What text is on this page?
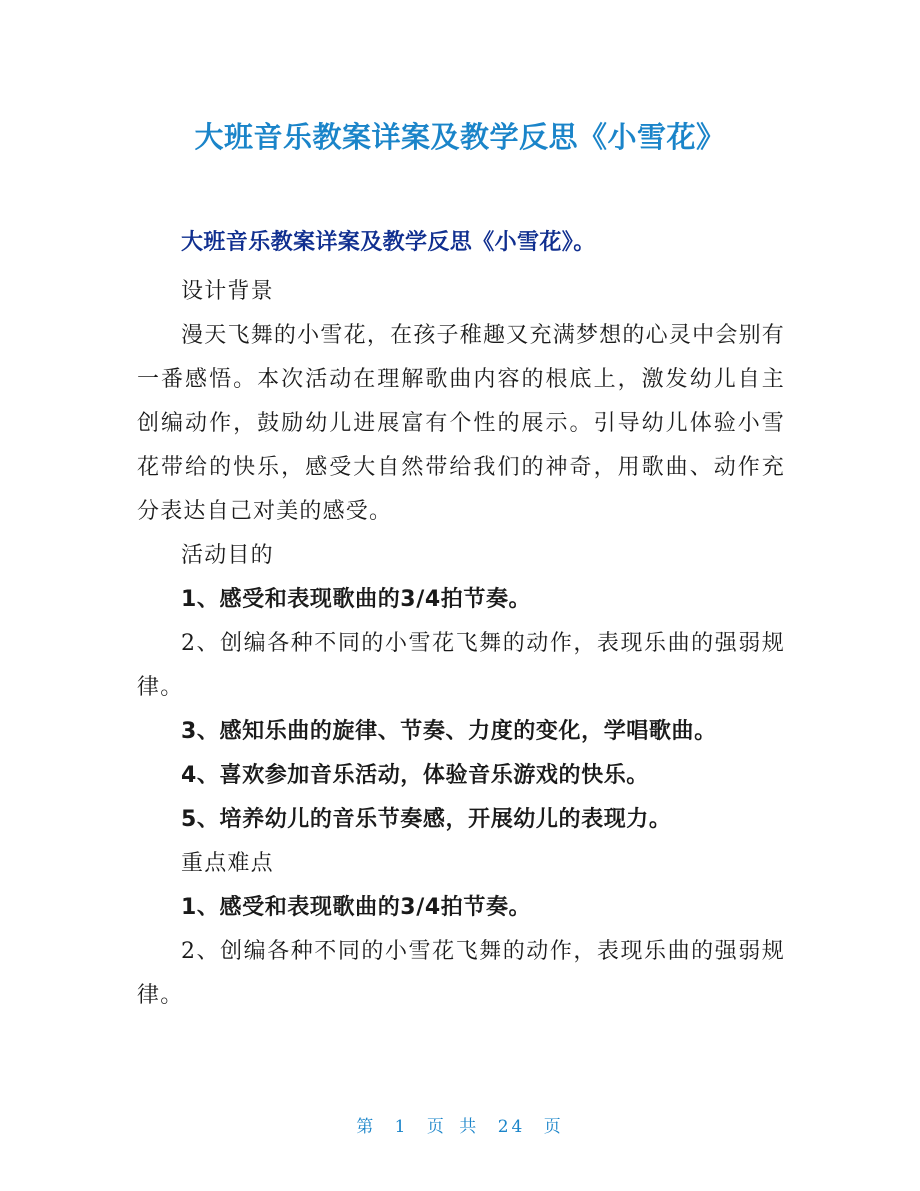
大班音乐教案详案及教学反思《小雪花》

大班音乐教案详案及教学反思《小雪花》。

设计背景

漫天飞舞的小雪花，在孩子稚趣又充满梦想的心灵中会别有一番感悟。本次活动在理解歌曲内容的根底上，激发幼儿自主创编动作，鼓励幼儿进展富有个性的展示。引导幼儿体验小雪花带给的快乐，感受大自然带给我们的神奇，用歌曲、动作充分表达自己对美的感受。

活动目的

1、感受和表现歌曲的3/4拍节奏。

2、创编各种不同的小雪花飞舞的动作，表现乐曲的强弱规律。

3、感知乐曲的旋律、节奏、力度的变化，学唱歌曲。

4、喜欢参加音乐活动，体验音乐游戏的快乐。

5、培养幼儿的音乐节奏感，开展幼儿的表现力。

重点难点

1、感受和表现歌曲的3/4拍节奏。

2、创编各种不同的小雪花飞舞的动作，表现乐曲的强弱规律。

第 1 页 共 24 页
